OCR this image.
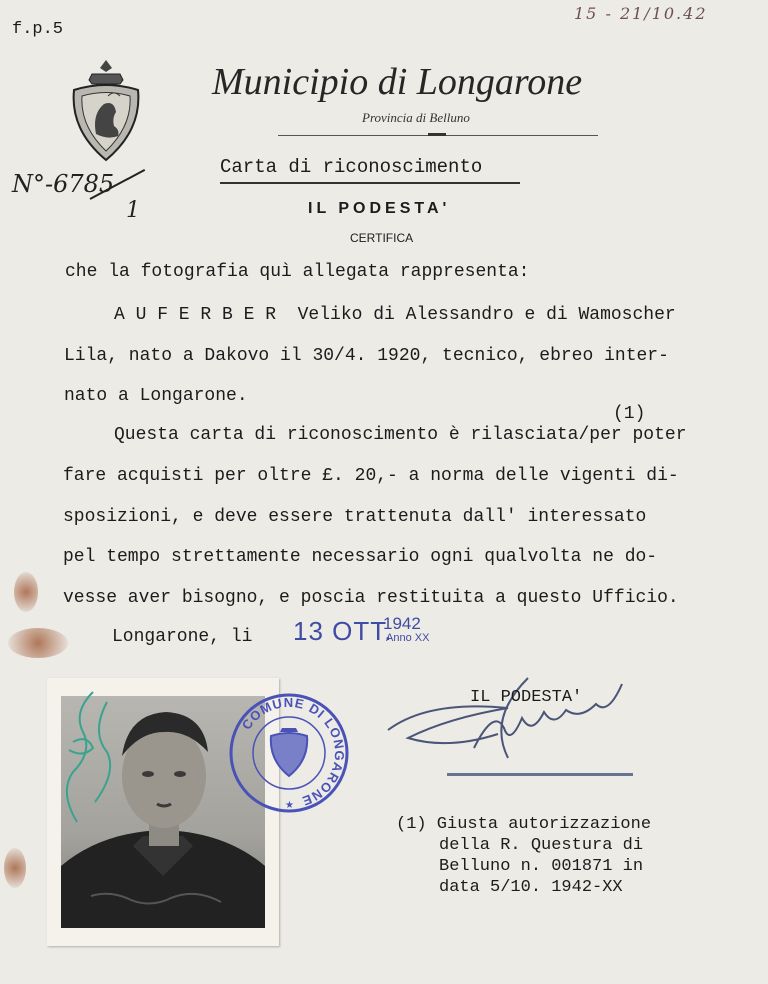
f.p.5
15 - 21/10.42
Municipio di Longarone
Provincia di Belluno
Carta di riconoscimento
N°-6785
1	IL PODESTA'
CERTIFICA
che la fotografia quì allegata rappresenta:
A U F E R B E R  Veliko di Alessandro e di Wamoscher
Lila, nato a Dakovo il 30/4. 1920, tecnico, ebreo inter-
nato a Longarone.
(1)
Questa carta di riconoscimento è rilasciata/per poter
fare acquisti per oltre £. 20,- a norma delle vigenti di-
sposizioni, e deve essere trattenuta dall' interessato
pel tempo strettamente necessario ogni qualvolta ne do-
vesse aver bisogno, e poscia restituita a questo Ufficio.
Longarone, li 13 OTT.
1942
Anno XX
IL PODESTA'
(1) Giusta autorizzazione
della R. Questura di
Belluno n. 001871 in
data 5/10. 1942-XX
COMUNE DI LONGARONE
★
